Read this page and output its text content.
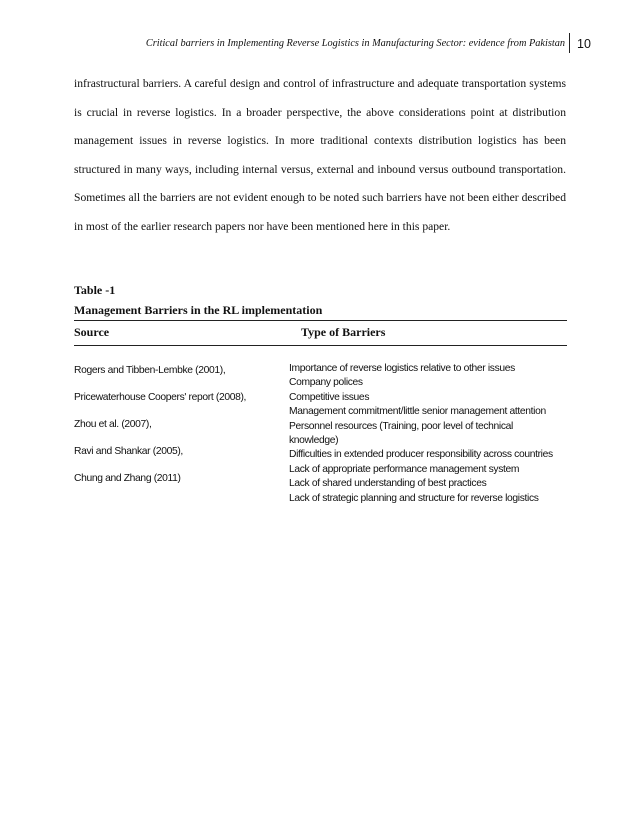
Critical barriers in Implementing Reverse Logistics in Manufacturing Sector: evidence from Pakistan 10

infrastructural barriers. A careful design and control of infrastructure and adequate transportation systems is crucial in reverse logistics. In a broader perspective, the above considerations point at distribution management issues in reverse logistics. In more traditional contexts distribution logistics has been structured in many ways, including internal versus, external and inbound versus outbound transportation. Sometimes all the barriers are not evident enough to be noted such barriers have not been either described in most of the earlier research papers nor have been mentioned here in this paper.

Table -1
Management Barriers in the RL implementation
Source	Type of Barriers
Rogers and Tibben-Lembke (2001),
Pricewaterhouse Coopers' report (2008),
Zhou et al. (2007),
Ravi and Shankar (2005),
Chung and Zhang (2011)
Importance of reverse logistics relative to other issues
Company polices
Competitive issues
Management commitment/little senior management attention
Personnel resources (Training, poor level of technical knowledge)
Difficulties in extended producer responsibility across countries
Lack of appropriate performance management system
Lack of shared understanding of best practices
Lack of strategic planning and structure for reverse logistics
